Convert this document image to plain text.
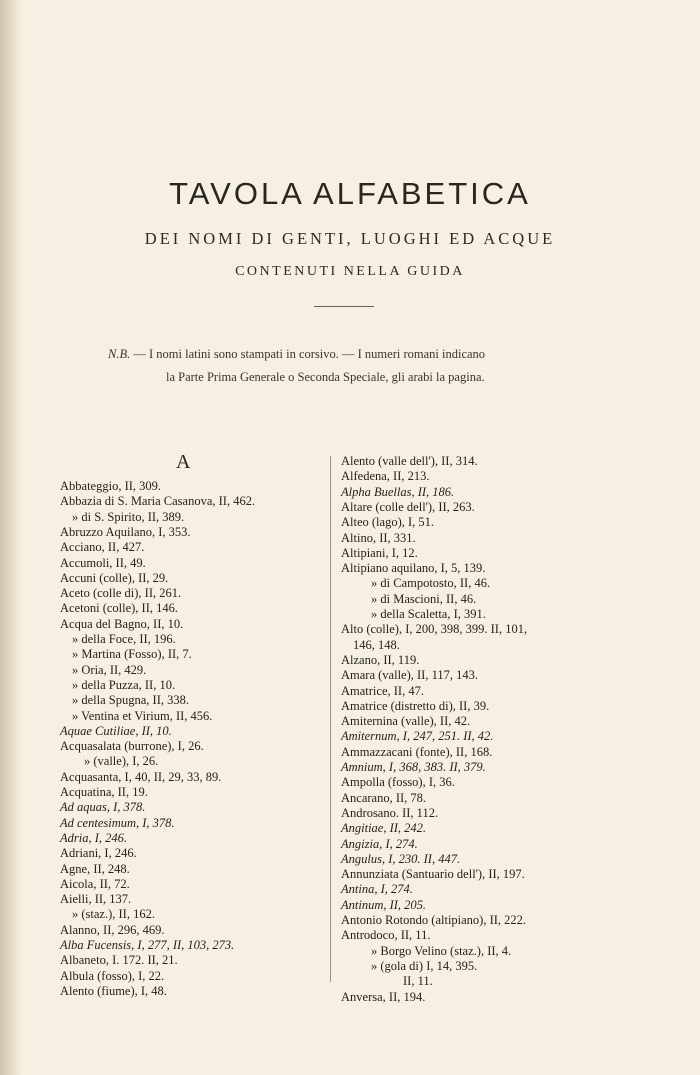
TAVOLA ALFABETICA
DEI NOMI DI GENTI, LUOGHI ED ACQUE
CONTENUTI NELLA GUIDA
N.B. — I nomi latini sono stampati in corsivo. — I numeri romani indicano
la Parte Prima Generale o Seconda Speciale, gli arabi la pagina.
A
Abbateggio, II, 309.
Abbazia di S. Maria Casanova, II, 462.
» di S. Spirito, II, 389.
Abruzzo Aquilano, I, 353.
Acciano, II, 427.
Accumoli, II, 49.
Accuni (colle), II, 29.
Aceto (colle di), II, 261.
Acetoni (colle), II, 146.
Acqua del Bagno, II, 10.
» della Foce, II, 196.
» Martina (Fosso), II, 7.
» Oria, II, 429.
» della Puzza, II, 10.
» della Spugna, II, 338.
» Ventina et Virium, II, 456.
Aquae Cutiliae, II, 10.
Acquasalata (burrone), I, 26.
» (valle), I, 26.
Acquasanta, I, 40, II, 29, 33, 89.
Acquatina, II, 19.
Ad aquas, I, 378.
Ad centesimum, I, 378.
Adria, I, 246.
Adriani, I, 246.
Agne, II, 248.
Aicola, II, 72.
Aielli, II, 137.
» (staz.), II, 162.
Alanno, II, 296, 469.
Alba Fucensis, I, 277, II, 103, 273.
Albaneto, I. 172. II, 21.
Albula (fosso), I, 22.
Alento (fiume), I, 48.
Alento (valle dell'), II, 314.
Alfedena, II, 213.
Alpha Buellas, II, 186.
Altare (colle dell'), II, 263.
Alteo (lago), I, 51.
Altino, II, 331.
Altipiani, I, 12.
Altipiano aquilano, I, 5, 139.
» di Campotosto, II, 46.
» di Mascioni, II, 46.
» della Scaletta, I, 391.
Alto (colle), I, 200, 398, 399. II, 101,
146, 148.
Alzano, II, 119.
Amara (valle), II, 117, 143.
Amatrice, II, 47.
Amatrice (distretto di), II, 39.
Amiternina (valle), II, 42.
Amiternum, I, 247, 251. II, 42.
Ammazzacani (fonte), II, 168.
Amnium, I, 368, 383. II, 379.
Ampolla (fosso), I, 36.
Ancarano, II, 78.
Androsano. II, 112.
Angitiae, II, 242.
Angizia, I, 274.
Angulus, I, 230. II, 447.
Annunziata (Santuario dell'), II, 197.
Antina, I, 274.
Antinum, II, 205.
Antonio Rotondo (altipiano), II, 222.
Antrodoco, II, 11.
» Borgo Velino (staz.), II, 4.
» (gola di) I, 14, 395.
II, 11.
Anversa, II, 194.
